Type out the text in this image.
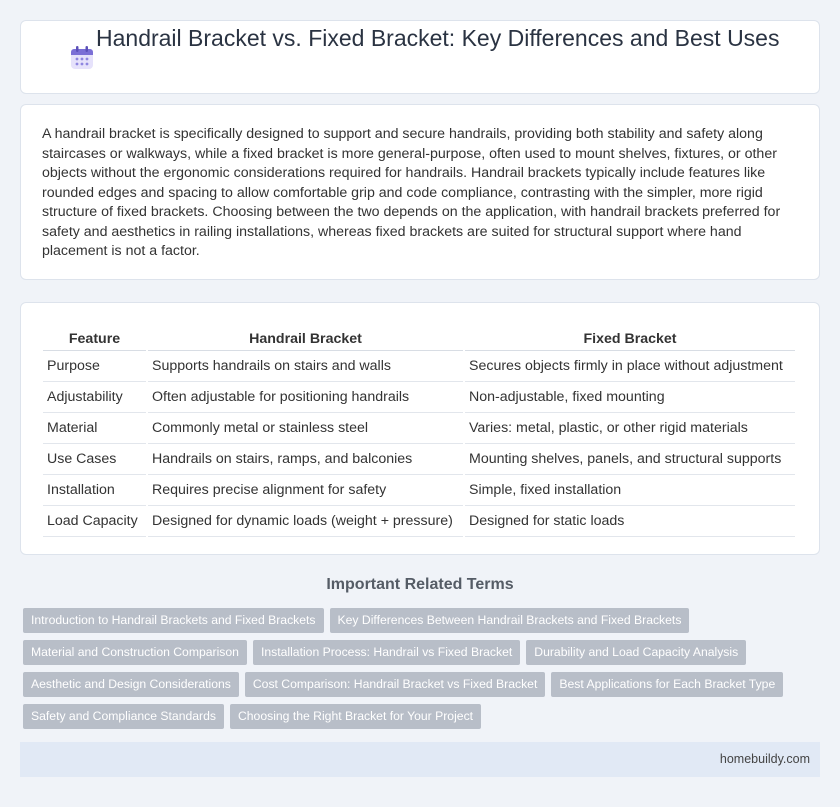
Handrail Bracket vs. Fixed Bracket: Key Differences and Best Uses

A handrail bracket is specifically designed to support and secure handrails, providing both stability and safety along staircases or walkways, while a fixed bracket is more general-purpose, often used to mount shelves, fixtures, or other objects without the ergonomic considerations required for handrails. Handrail brackets typically include features like rounded edges and spacing to allow comfortable grip and code compliance, contrasting with the simpler, more rigid structure of fixed brackets. Choosing between the two depends on the application, with handrail brackets preferred for safety and aesthetics in railing installations, whereas fixed brackets are suited for structural support where hand placement is not a factor.

Feature	Handrail Bracket	Fixed Bracket
Purpose	Supports handrails on stairs and walls	Secures objects firmly in place without adjustment
Adjustability	Often adjustable for positioning handrails	Non-adjustable, fixed mounting
Material	Commonly metal or stainless steel	Varies: metal, plastic, or other rigid materials
Use Cases	Handrails on stairs, ramps, and balconies	Mounting shelves, panels, and structural supports
Installation	Requires precise alignment for safety	Simple, fixed installation
Load Capacity	Designed for dynamic loads (weight + pressure)	Designed for static loads
Important Related Terms
Introduction to Handrail Brackets and Fixed Brackets Key Differences Between Handrail Brackets and Fixed Brackets
Material and Construction Comparison Installation Process: Handrail vs Fixed Bracket Durability and Load Capacity Analysis
Aesthetic and Design Considerations Cost Comparison: Handrail Bracket vs Fixed Bracket Best Applications for Each Bracket Type
Safety and Compliance Standards Choosing the Right Bracket for Your Project
homebuildy.com
